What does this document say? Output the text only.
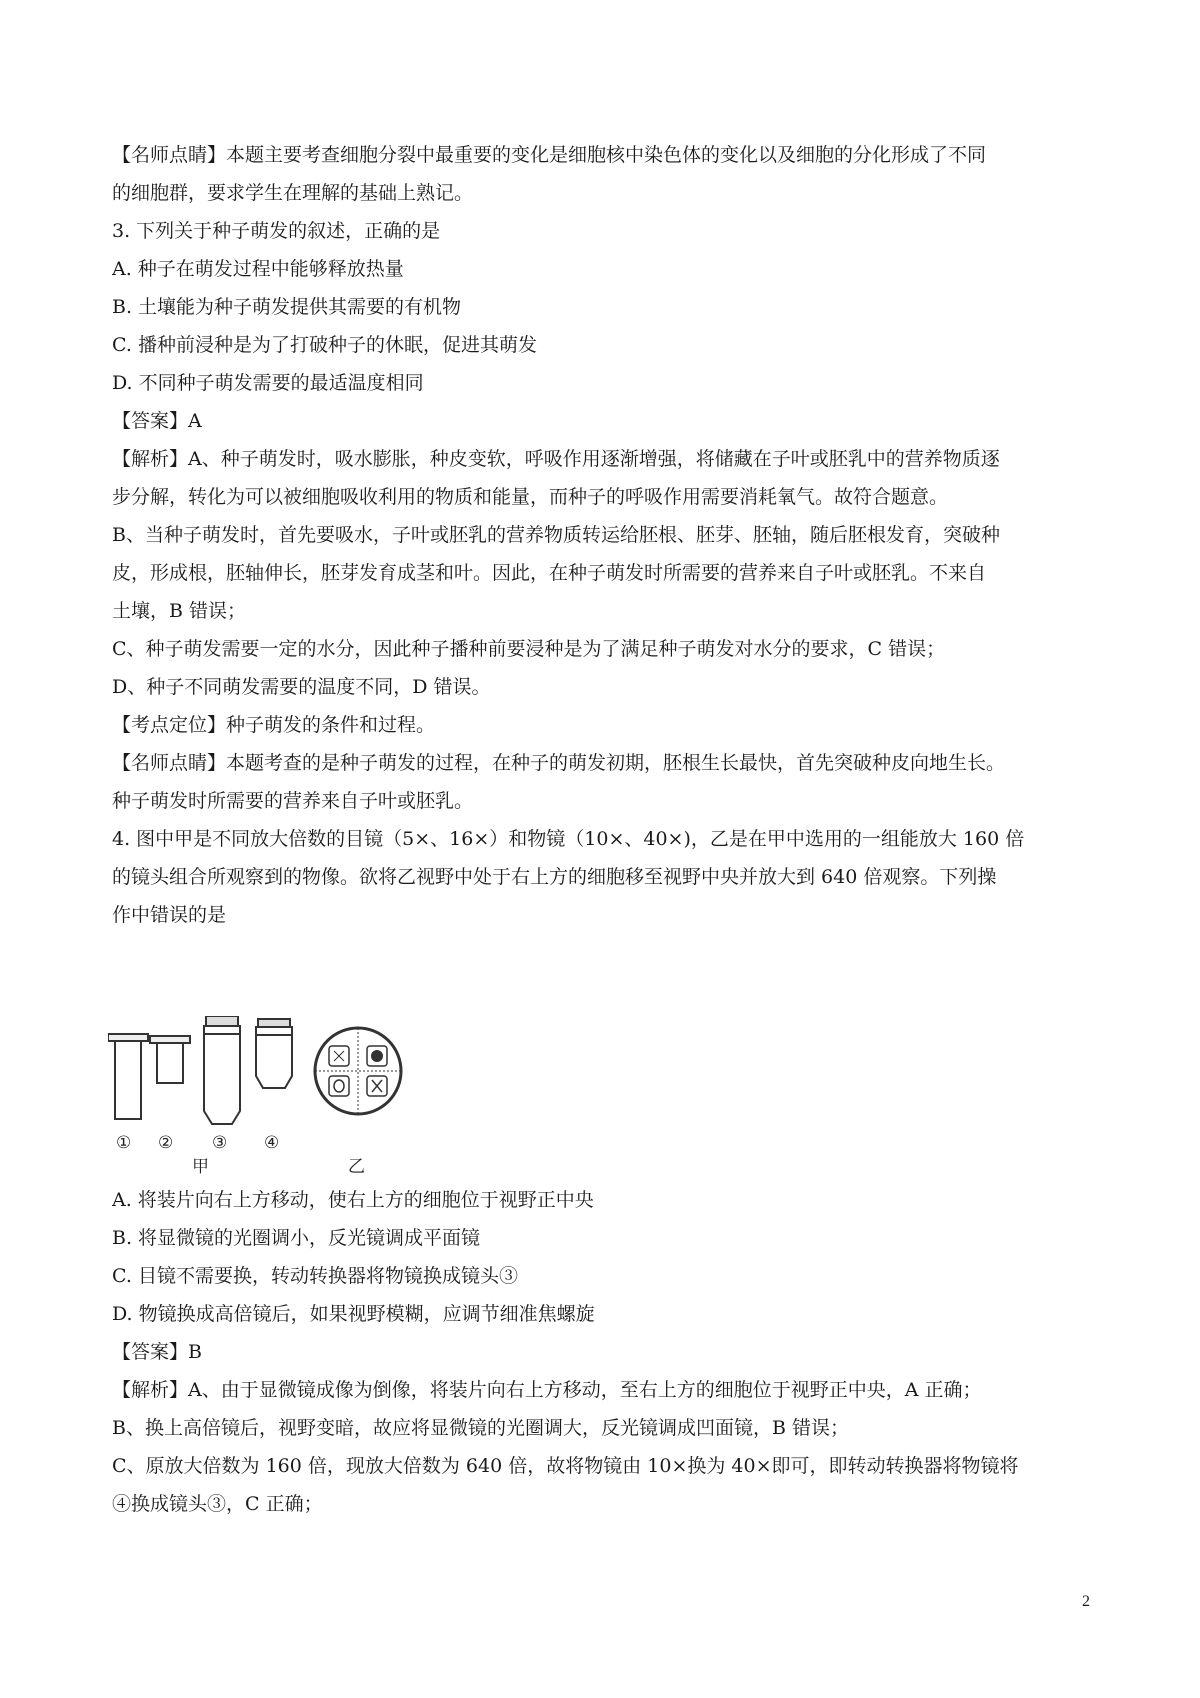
【名师点睛】本题主要考查细胞分裂中最重要的变化是细胞核中染色体的变化以及细胞的分化形成了不同
的细胞群，要求学生在理解的基础上熟记。
3. 下列关于种子萌发的叙述，正确的是
A. 种子在萌发过程中能够释放热量
B. 土壤能为种子萌发提供其需要的有机物
C. 播种前浸种是为了打破种子的休眠，促进其萌发
D. 不同种子萌发需要的最适温度相同
【答案】A
【解析】A、种子萌发时，吸水膨胀，种皮变软，呼吸作用逐渐增强，将储藏在子叶或胚乳中的营养物质逐
步分解，转化为可以被细胞吸收利用的物质和能量，而种子的呼吸作用需要消耗氧气。故符合题意。
B、当种子萌发时，首先要吸水，子叶或胚乳的营养物质转运给胚根、胚芽、胚轴，随后胚根发育，突破种
皮，形成根，胚轴伸长，胚芽发育成茎和叶。因此，在种子萌发时所需要的营养来自子叶或胚乳。不来自
土壤，B 错误；
C、种子萌发需要一定的水分，因此种子播种前要浸种是为了满足种子萌发对水分的要求，C 错误；
D、种子不同萌发需要的温度不同，D 错误。
【考点定位】种子萌发的条件和过程。
【名师点睛】本题考查的是种子萌发的过程，在种子的萌发初期，胚根生长最快，首先突破种皮向地生长。
种子萌发时所需要的营养来自子叶或胚乳。
4. 图中甲是不同放大倍数的目镜（5×、16×）和物镜（10×、40×)，乙是在甲中选用的一组能放大 160 倍
的镜头组合所观察到的物像。欲将乙视野中处于右上方的细胞移至视野中央并放大到 640 倍观察。下列操
作中错误的是
① ② ③ ④
甲	乙
A. 将装片向右上方移动，使右上方的细胞位于视野正中央
B. 将显微镜的光圈调小，反光镜调成平面镜
C. 目镜不需要换，转动转换器将物镜换成镜头③
D. 物镜换成高倍镜后，如果视野模糊，应调节细准焦螺旋
【答案】B
【解析】A、由于显微镜成像为倒像，将装片向右上方移动，至右上方的细胞位于视野正中央，A 正确；
B、换上高倍镜后，视野变暗，故应将显微镜的光圈调大，反光镜调成凹面镜，B 错误；
C、原放大倍数为 160 倍，现放大倍数为 640 倍，故将物镜由 10×换为 40×即可，即转动转换器将物镜将
④换成镜头③，C 正确；
2
